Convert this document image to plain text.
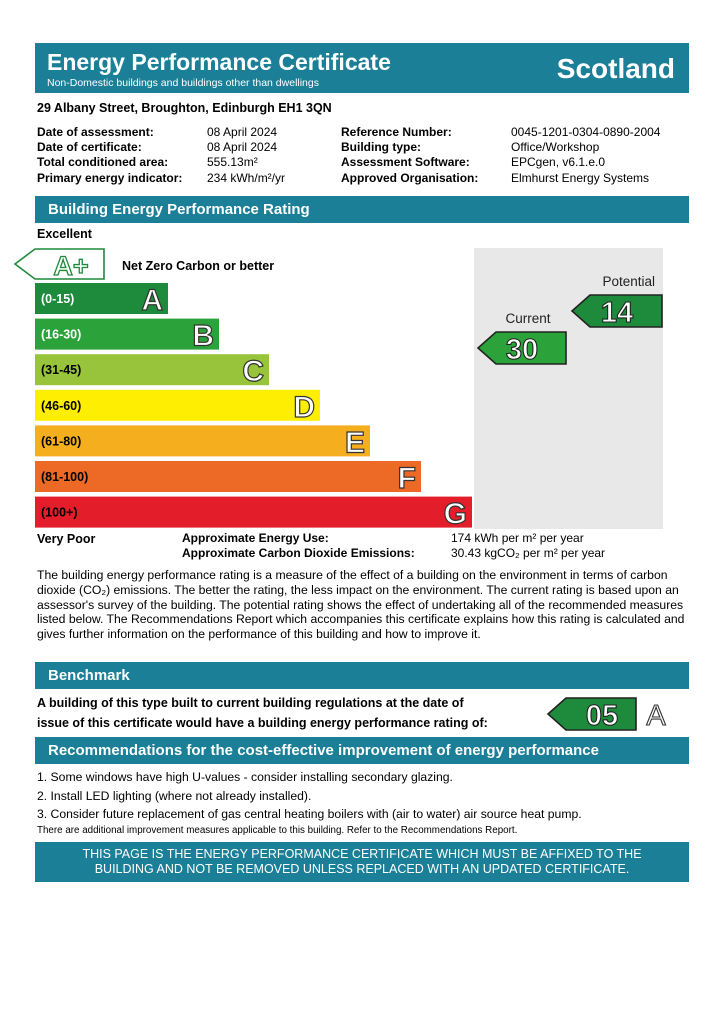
Energy Performance Certificate
Non-Domestic buildings and buildings other than dwellings	Scotland
29 Albany Street, Broughton, Edinburgh EH1 3QN
Date of assessment:	08 April 2024
Date of certificate:	08 April 2024
Total conditioned area:	555.13m²
Primary energy indicator: 234 kWh/m²/yr
Reference Number:	0045-1201-0304-0890-2004
Building type:	Office/Workshop
Assessment Software:	EPCgen, v6.1.e.0
Approved Organisation:	Elmhurst Energy Systems
Building Energy Performance Rating
Excellent
Very Poor
A+	Net Zero Carbon or better
(0-15) A
(16-30)	B
(31-45)	C
(46-60)	D
(61-80)	E
(81-100)	F
(100+)	G
Potential
14
Current
30
Approximate Energy Use:	174 kWh per m² per year
Approximate Carbon Dioxide Emissions:	30.43 kgCO₂ per m² per year
The building energy performance rating is a measure of the effect of a building on the environment in terms of carbon dioxide (CO₂) emissions. The better the rating, the less impact on the environment. The current rating is based upon an assessor's survey of the building. The potential rating shows the effect of undertaking all of the recommended measures listed below. The Recommendations Report which accompanies this certificate explains how this rating is calculated and gives further information on the performance of this building and how to improve it.
Benchmark
A building of this type built to current building regulations at the date of
issue of this certificate would have a building energy performance rating of:	05 A
Recommendations for the cost-effective improvement of energy performance
1. Some windows have high U-values - consider installing secondary glazing.
2. Install LED lighting (where not already installed).
3. Consider future replacement of gas central heating boilers with (air to water) air source heat pump.
There are additional improvement measures applicable to this building. Refer to the Recommendations Report.
THIS PAGE IS THE ENERGY PERFORMANCE CERTIFICATE WHICH MUST BE AFFIXED TO THE
BUILDING AND NOT BE REMOVED UNLESS REPLACED WITH AN UPDATED CERTIFICATE.
